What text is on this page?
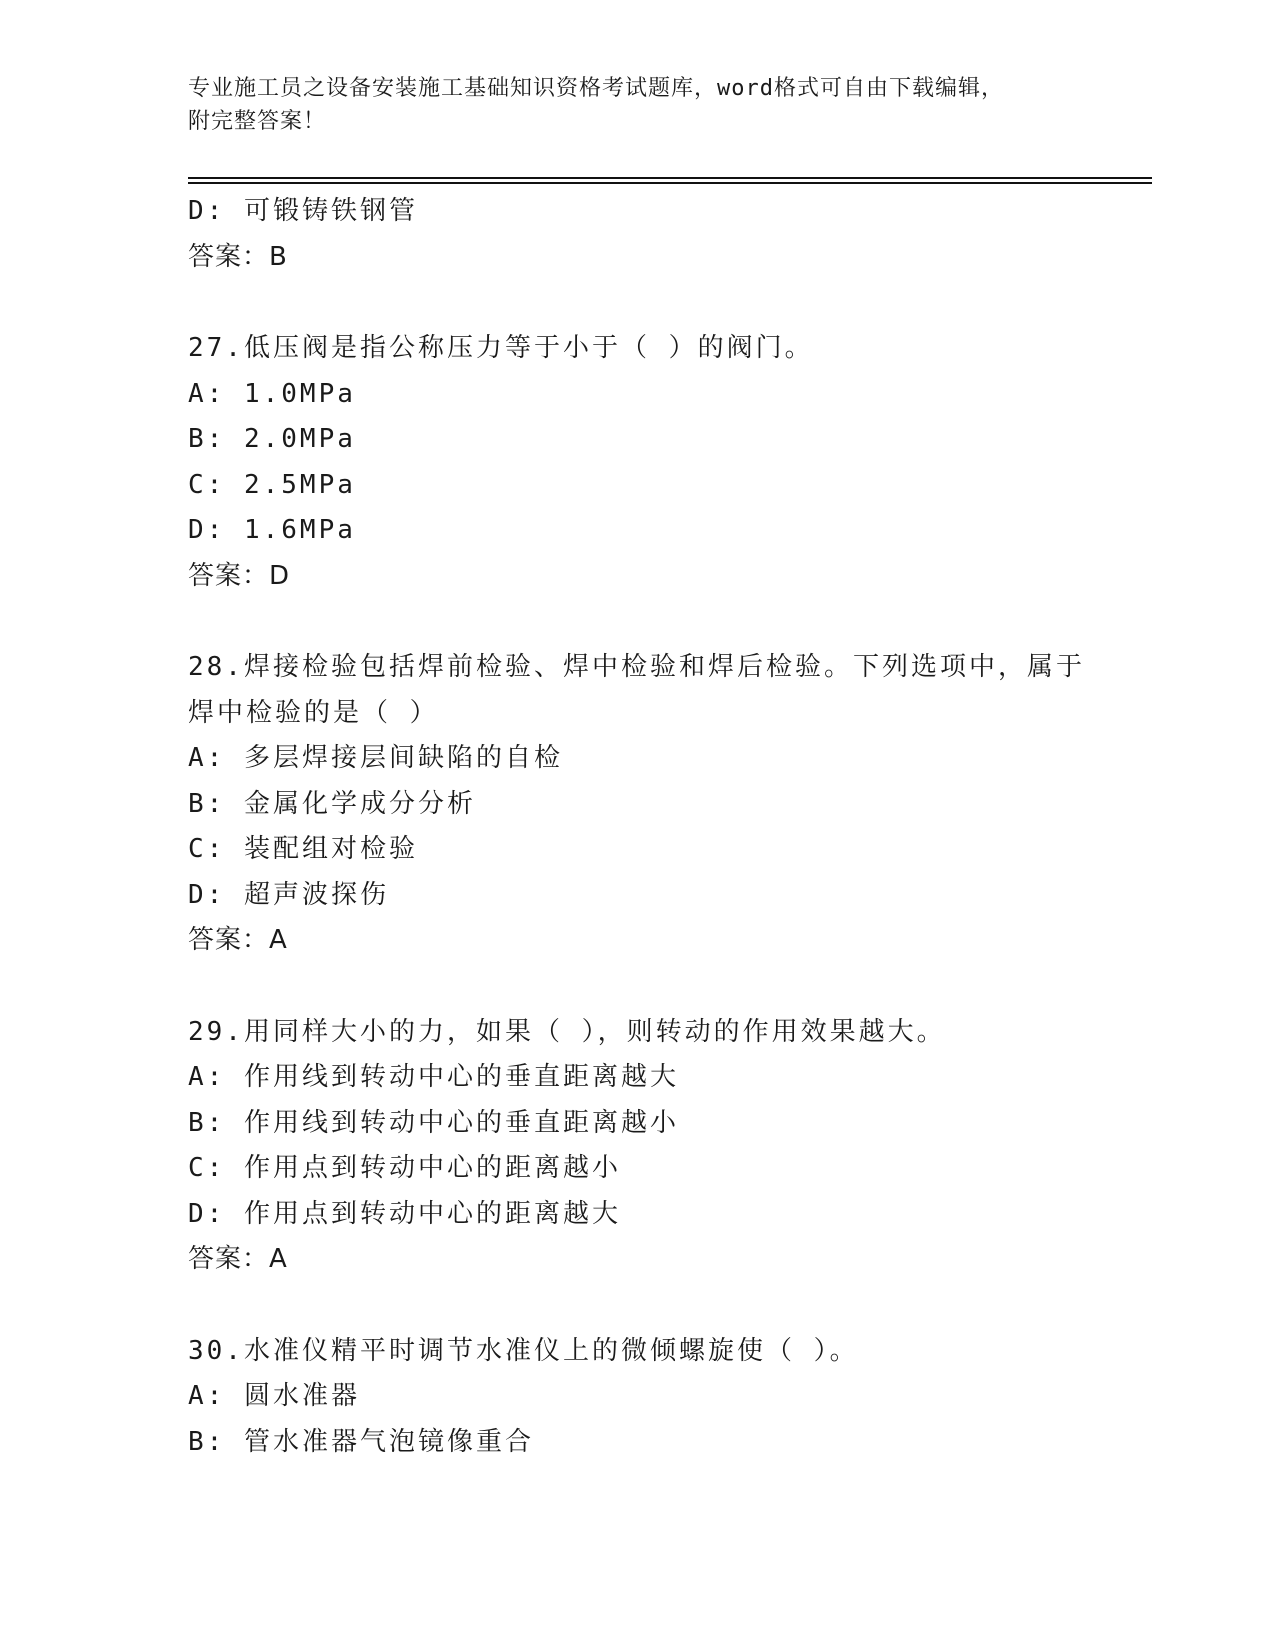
专业施工员之设备安装施工基础知识资格考试题库，word格式可自由下载编辑，
附完整答案！
D: 可锻铸铁钢管
答案：B
27.低压阀是指公称压力等于小于（ ）的阀门。
A: 1.0MPa
B: 2.0MPa
C: 2.5MPa
D: 1.6MPa
答案：D
28.焊接检验包括焊前检验、焊中检验和焊后检验。下列选项中，属于
焊中检验的是（ ）
A: 多层焊接层间缺陷的自检
B: 金属化学成分分析
C: 装配组对检验
D: 超声波探伤
答案：A
29.用同样大小的力，如果（ ），则转动的作用效果越大。
A: 作用线到转动中心的垂直距离越大
B: 作用线到转动中心的垂直距离越小
C: 作用点到转动中心的距离越小
D: 作用点到转动中心的距离越大
答案：A
30.水准仪精平时调节水准仪上的微倾螺旋使（ ）。
A: 圆水准器
B: 管水准器气泡镜像重合
